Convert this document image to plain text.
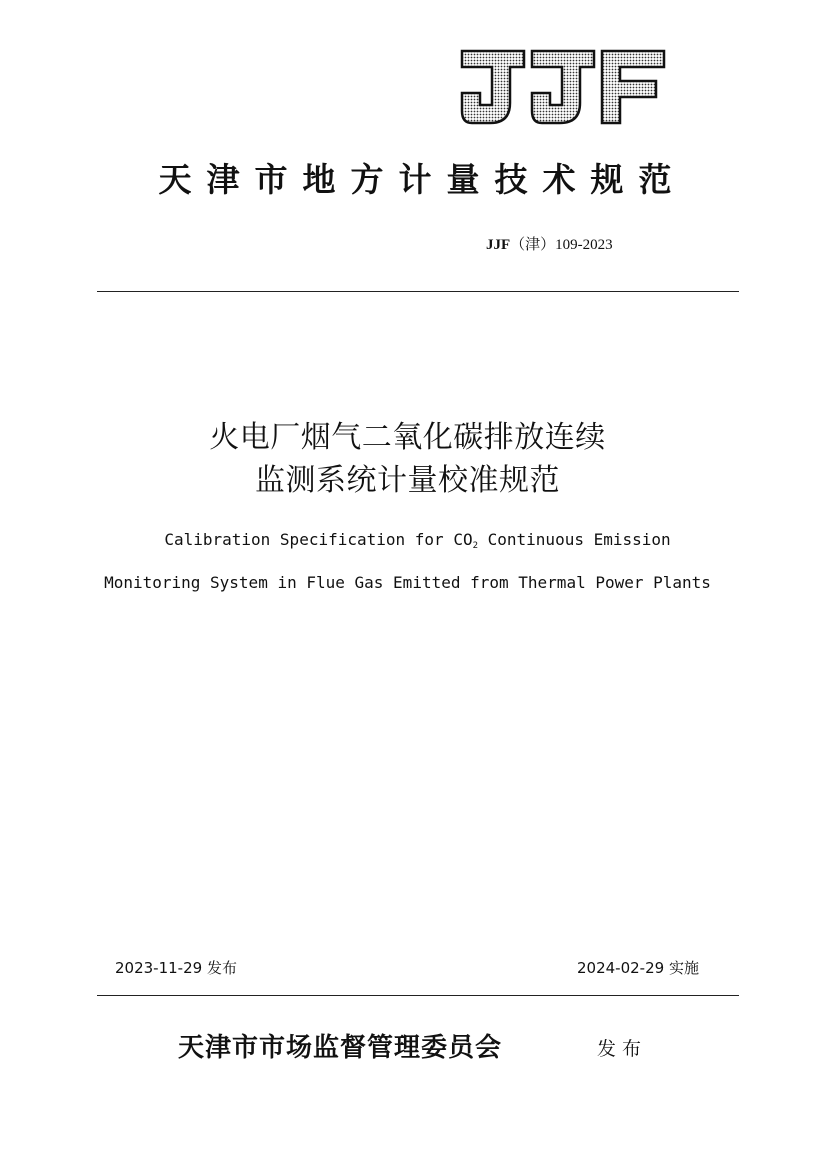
天津市地方计量技术规范
JJF（津）109-2023
火电厂烟气二氧化碳排放连续
监测系统计量校准规范
Calibration Specification for $CO_2$ Continuous Emission
Monitoring System in Flue Gas Emitted from Thermal Power Plants
2023-11-29 发布	2024-02-29 实施
天津市市场监督管理委员会	发布
